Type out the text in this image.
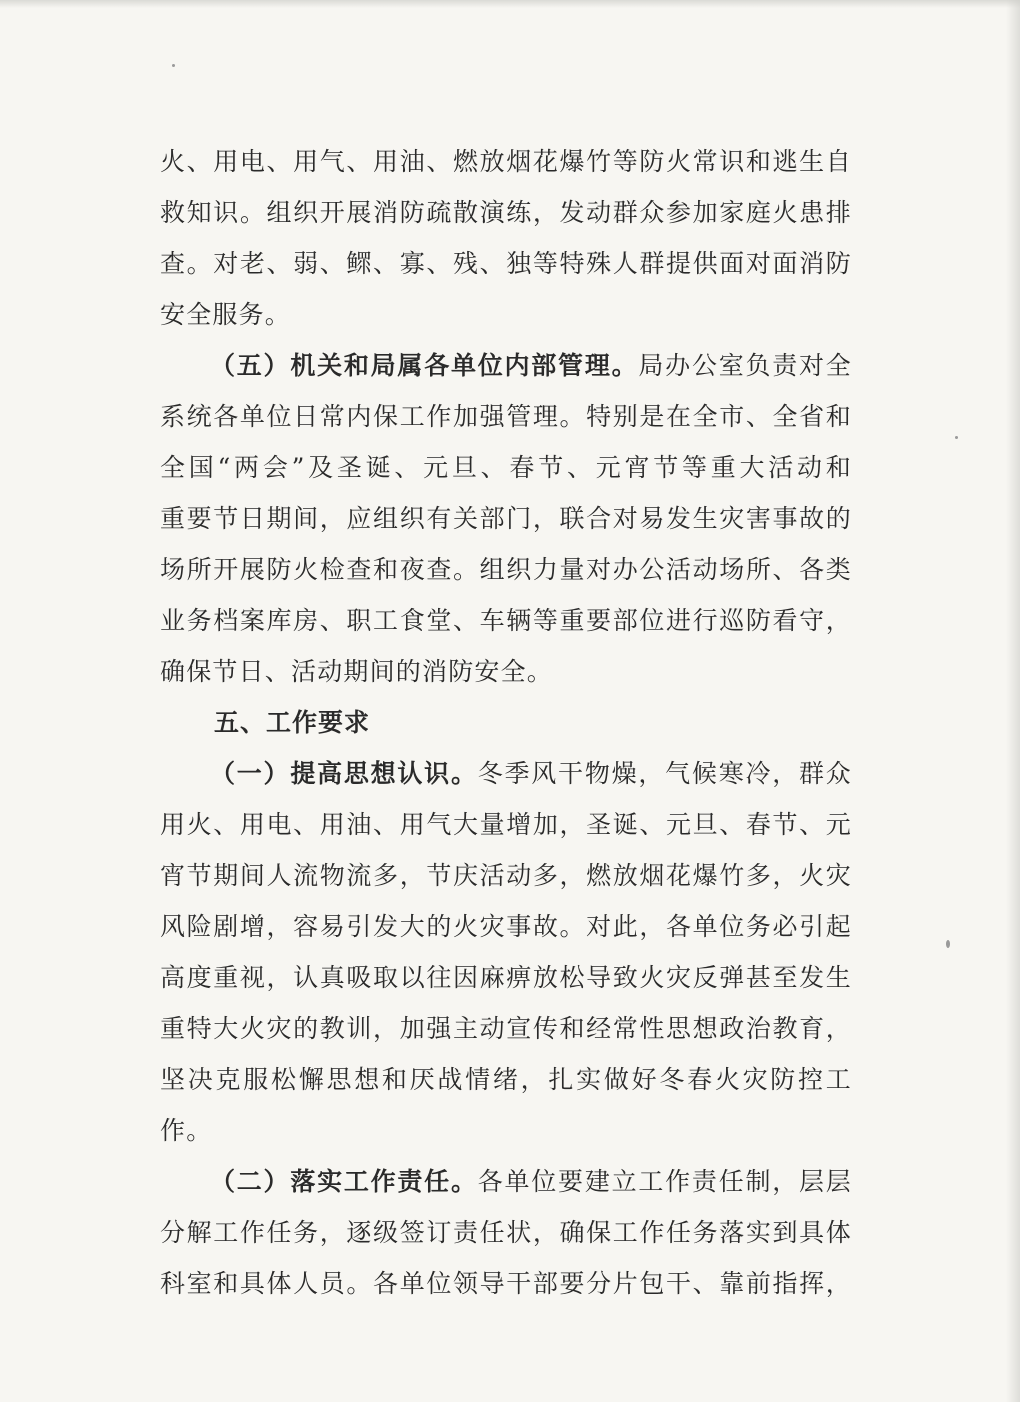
火、用电、用气、用油、燃放烟花爆竹等防火常识和逃生自
救知识。组织开展消防疏散演练，发动群众参加家庭火患排
查。对老、弱、鳏、寡、残、独等特殊人群提供面对面消防
安全服务。
（五）机关和局属各单位内部管理。局办公室负责对全
系统各单位日常内保工作加强管理。特别是在全市、全省和
全国“两会”及圣诞、元旦、春节、元宵节等重大活动和
重要节日期间，应组织有关部门，联合对易发生灾害事故的
场所开展防火检查和夜查。组织力量对办公活动场所、各类
业务档案库房、职工食堂、车辆等重要部位进行巡防看守，
确保节日、活动期间的消防安全。
五、工作要求
（一）提高思想认识。冬季风干物燥，气候寒冷，群众
用火、用电、用油、用气大量增加，圣诞、元旦、春节、元
宵节期间人流物流多，节庆活动多，燃放烟花爆竹多，火灾
风险剧增，容易引发大的火灾事故。对此，各单位务必引起
高度重视，认真吸取以往因麻痹放松导致火灾反弹甚至发生
重特大火灾的教训，加强主动宣传和经常性思想政治教育，
坚决克服松懈思想和厌战情绪，扎实做好冬春火灾防控工
作。
（二）落实工作责任。各单位要建立工作责任制，层层
分解工作任务，逐级签订责任状，确保工作任务落实到具体
科室和具体人员。各单位领导干部要分片包干、靠前指挥，
